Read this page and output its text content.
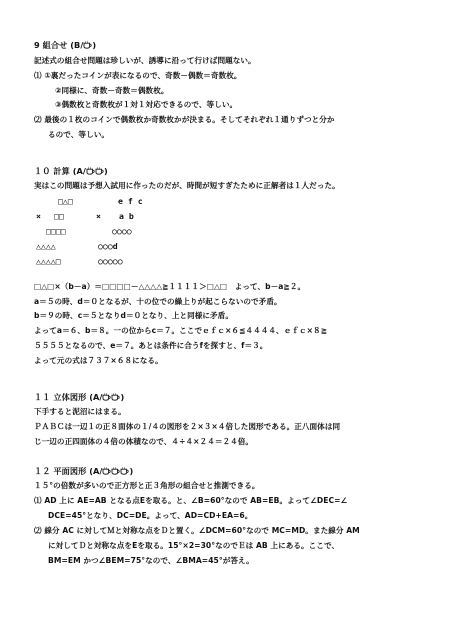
9 組合せ (B/ )
記述式の組合せ問題は珍しいが、誘導に沿って行けば問題ない。
⑴ ①裏だったコインが表になるので、奇数－偶数＝奇数枚。
②同様に、奇数－奇数＝偶数枚。
③偶数枚と奇数枚が１対１対応できるので、等しい。
⑵ 最後の１枚のコインで偶数枚か奇数枚かが決まる。そしてそれぞれ１通りずつと分か
るので、等しい。
１０ 計算 (A/ )
実はこの問題は予想入試用に作ったのだが、時間が短すぎたために正解者は１人だった。
□△□
×　 □□
□□□□
△△△△
△△△△□
e f c
×　  a b
○○○○
○○○d
○○○○○
□△□×（b－a）＝□□□□－△△△△≧１１１１＞□△□　よって、b－a≧２。
a＝５の時、d＝０となるが、十の位での繰上りが起こらないので矛盾。
b＝９の時、c＝５となりd＝０となり、上と同様に矛盾。
よってa＝６、b＝８。一の位からc＝７。ここでｅｆｃ×６≦４４４４、ｅｆｃ×８≧
５５５５となるので、e＝７。あとは条件に合うfを探すと、f＝３。
よって元の式は７３７×６８になる。
１１ 立体図形 (A/ )
下手すると泥沼にはまる。
ＰＡＢＣは一辺１の正８面体の１/４の図形を２×３×４倍した図形である。正八面体は同
じ一辺の正四面体の４倍の体積なので、４÷４×２４＝２４倍。
１２ 平面図形 (A/	)
１５°の倍数が多いので正方形と正３角形の組合せと推測できる。
⑴ AD 上に AE=AB となる点Eを取る。と、∠B=60°なので AB=EB。よって∠DEC=∠
DCE=45°となり、DC=DE。よって、AD=CD+EA=6。
⑵ 線分 AC に対してＭと対称な点をＤと置く。∠DCM=60°なので MC=MD。また線分 AM
に対してＤと対称な点をEを取る。15°×2=30°なのでＥは AB 上にある。ここで、
BM=EM かつ∠BEM=75°なので、∠BMA=45°が答え。
